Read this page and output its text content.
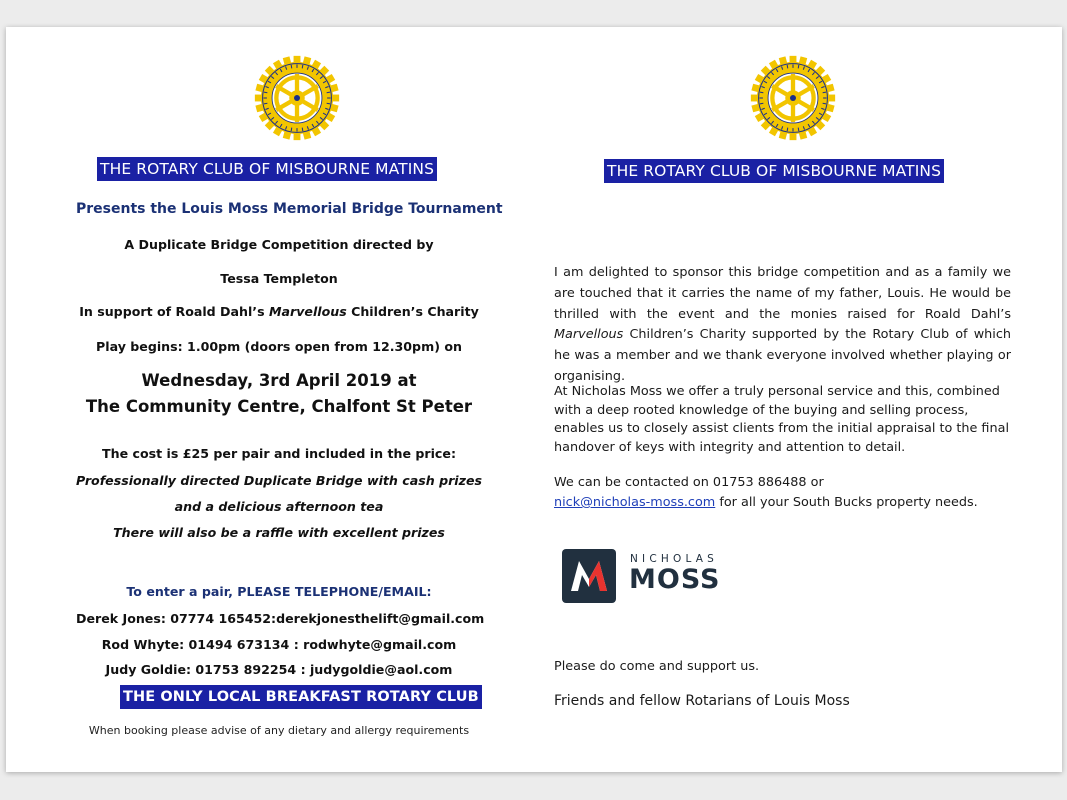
THE ROTARY CLUB OF MISBOURNE MATINS
Presents the Louis Moss Memorial Bridge Tournament
A Duplicate Bridge Competition directed by
Tessa Templeton
In support of Roald Dahl’s Marvellous Children’s Charity
Play begins: 1.00pm (doors open from 12.30pm) on
Wednesday, 3rd April 2019 at
The Community Centre, Chalfont St Peter
The cost is £25 per pair and included in the price:
Professionally directed Duplicate Bridge with cash prizes
and a delicious afternoon tea
There will also be a raffle with excellent prizes
To enter a pair, PLEASE TELEPHONE/EMAIL:
Derek Jones: 07774 165452:derekjonesthelift@gmail.com
Rod Whyte: 01494 673134 : rodwhyte@gmail.com
Judy Goldie: 01753 892254 : judygoldie@aol.com
THE ONLY LOCAL BREAKFAST ROTARY CLUB
When booking please advise of any dietary and allergy requirements
THE ROTARY CLUB OF MISBOURNE MATINS
I am delighted to sponsor this bridge competition and as a family we are touched that it carries the name of my father, Louis. He would be thrilled with the event and the monies raised for Roald Dahl’s Marvellous Children’s Charity supported by the Rotary Club of which he was a member and we thank everyone involved whether playing or organising.
At Nicholas Moss we offer a truly personal service and this, combined with a deep rooted knowledge of the buying and selling process, enables us to closely assist clients from the initial appraisal to the final handover of keys with integrity and attention to detail.
We can be contacted on 01753 886488 or
nick@nicholas-moss.com for all your South Bucks property needs.
NICHOLAS
MOSS
Please do come and support us.
Friends and fellow Rotarians of Louis Moss
